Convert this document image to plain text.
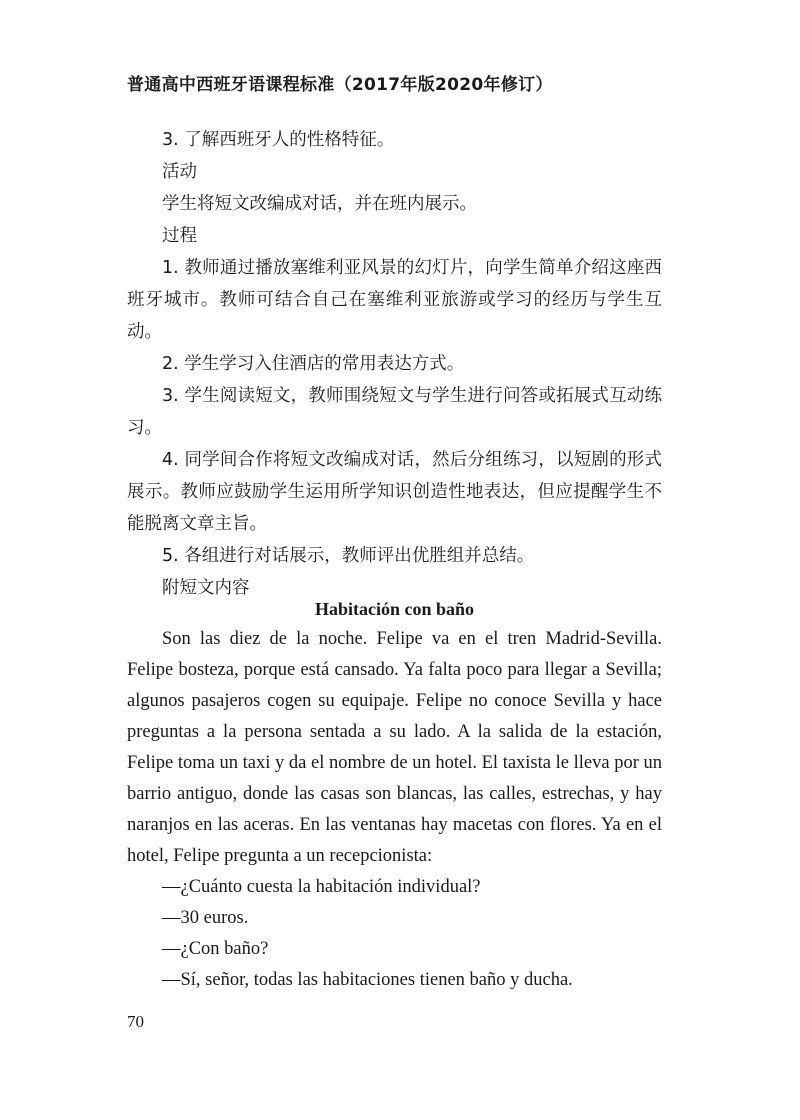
普通高中西班牙语课程标准（2017年版2020年修订）

3. 了解西班牙人的性格特征。

活动

学生将短文改编成对话，并在班内展示。

过程

1. 教师通过播放塞维利亚风景的幻灯片，向学生简单介绍这座西班牙城市。教师可结合自己在塞维利亚旅游或学习的经历与学生互动。

2. 学生学习入住酒店的常用表达方式。

3. 学生阅读短文，教师围绕短文与学生进行问答或拓展式互动练习。

4. 同学间合作将短文改编成对话，然后分组练习，以短剧的形式展示。教师应鼓励学生运用所学知识创造性地表达，但应提醒学生不能脱离文章主旨。

5. 各组进行对话展示，教师评出优胜组并总结。

附短文内容

Habitación con baño

Son las diez de la noche. Felipe va en el tren Madrid-Sevilla. Felipe bosteza, porque está cansado. Ya falta poco para llegar a Sevilla; algunos pasajeros cogen su equipaje. Felipe no conoce Sevilla y hace preguntas a la persona sentada a su lado. A la salida de la estación, Felipe toma un taxi y da el nombre de un hotel. El taxista le lleva por un barrio antiguo, donde las casas son blancas, las calles, estrechas, y hay naranjos en las aceras. En las ventanas hay macetas con flores. Ya en el hotel, Felipe pregunta a un recepcionista:

—¿Cuánto cuesta la habitación individual?

—30 euros.

—¿Con baño?

—Sí, señor, todas las habitaciones tienen baño y ducha.

70
